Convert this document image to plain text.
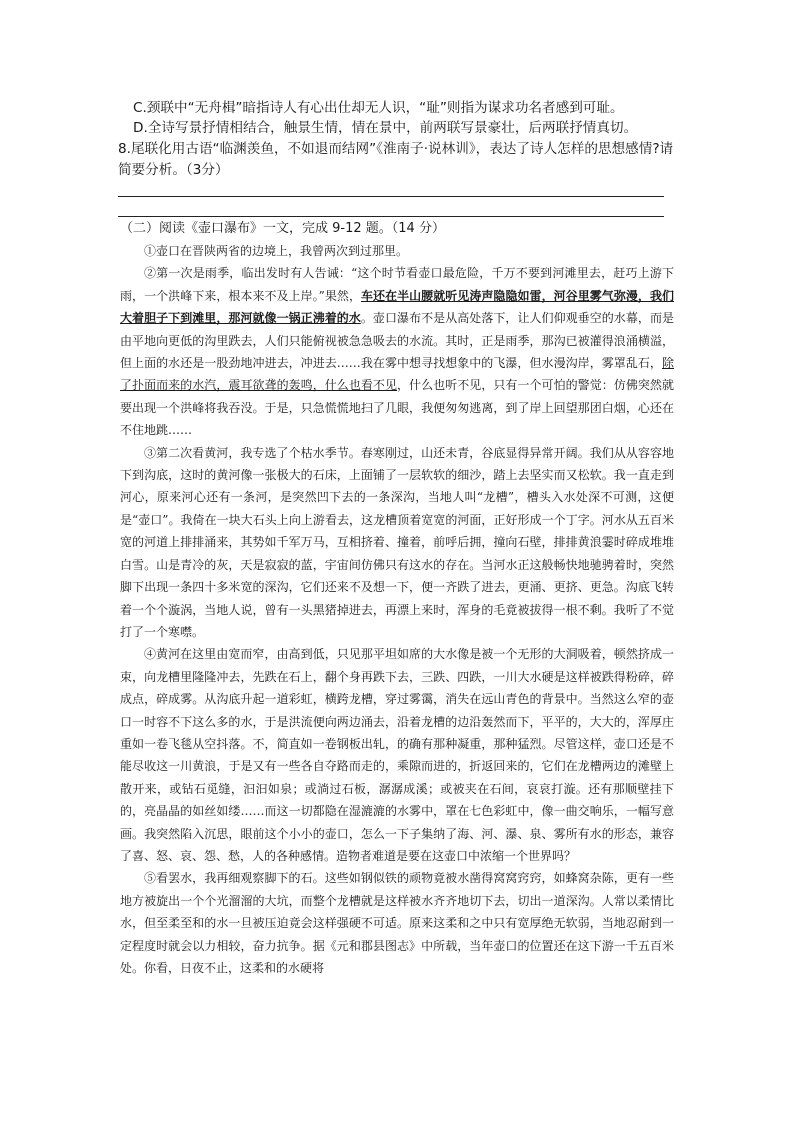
C.颈联中“无舟楫”暗指诗人有心出仕却无人识，“耻”则指为谋求功名者感到可耻。
D.全诗写景抒情相结合，触景生情，情在景中，前两联写景豪壮，后两联抒情真切。
8.尾联化用古语“临渊羡鱼，不如退而结网”《淮南子·说林训》，表达了诗人怎样的思想感情?请简要分析。（3分）
（二）阅读《壶口瀑布》一文，完成 9-12 题。（14 分）

①壶口在晋陕两省的边境上，我曾两次到过那里。

②第一次是雨季，临出发时有人告诫：“这个时节看壶口最危险，千万不要到河滩里去，赶巧上游下雨，一个洪峰下来，根本来不及上岸。”果然，车还在半山腰就听见涛声隐隐如雷，河谷里雾气弥漫，我们大着胆子下到滩里，那河就像一锅正沸着的水。壶口瀑布不是从高处落下，让人们仰观垂空的水幕，而是由平地向更低的沟里跌去，人们只能俯视被急急吸去的水流。其时，正是雨季，那沟已被灌得浪涌横溢，但上面的水还是一股劲地冲进去，冲进去……我在雾中想寻找想象中的飞瀑，但水漫沟岸，雾罩乱石，除了扑面而来的水汽，震耳欲聋的轰鸣，什么也看不见，什么也听不见，只有一个可怕的警觉：仿佛突然就要出现一个洪峰将我吞没。于是，只急慌慌地扫了几眼，我便匆匆逃离，到了岸上回望那团白烟，心还在不住地跳……

③第二次看黄河，我专选了个枯水季节。春寒刚过，山还未青，谷底显得异常开阔。我们从从容容地下到沟底，这时的黄河像一张极大的石床，上面铺了一层软软的细沙，踏上去坚实而又松软。我一直走到河心，原来河心还有一条河，是突然凹下去的一条深沟，当地人叫“龙槽”，槽头入水处深不可测，这便是“壶口”。我倚在一块大石头上向上游看去，这龙槽顶着宽宽的河面，正好形成一个丁字。河水从五百米宽的河道上排排涌来，其势如千军万马，互相挤着、撞着，前呼后拥，撞向石壁，排排黄浪霎时碎成堆堆白雪。山是青冷的灰，天是寂寂的蓝，宇宙间仿佛只有这水的存在。当河水正这般畅快地驰骋着时，突然脚下出现一条四十多米宽的深沟，它们还来不及想一下，便一齐跌了进去，更涌、更挤、更急。沟底飞转着一个个漩涡，当地人说，曾有一头黑猪掉进去，再漂上来时，浑身的毛竟被拔得一根不剩。我听了不觉打了一个寒噤。

④黄河在这里由宽而窄，由高到低，只见那平坦如席的大水像是被一个无形的大洞吸着，顿然挤成一束，向龙槽里隆隆冲去，先跌在石上，翻个身再跌下去，三跌、四跌，一川大水硬是这样被跌得粉碎，碎成点，碎成雾。从沟底升起一道彩虹，横跨龙槽，穿过雾霭，消失在远山青色的背景中。当然这么窄的壶口一时容不下这么多的水，于是洪流便向两边涌去，沿着龙槽的边沿轰然而下，平平的，大大的，浑厚庄重如一卷飞毯从空抖落。不，简直如一卷钢板出轧，的确有那种凝重，那种猛烈。尽管这样，壶口还是不能尽收这一川黄浪，于是又有一些各自夺路而走的，乘隙而进的，折返回来的，它们在龙槽两边的滩壁上散开来，或钻石觅缝，汩汩如泉；或淌过石板，潺潺成溪；或被夹在石间，哀哀打漩。还有那顺壁挂下的，亮晶晶的如丝如缕……而这一切都隐在湿漉漉的水雾中，罩在七色彩虹中，像一曲交响乐，一幅写意画。我突然陷入沉思，眼前这个小小的壶口，怎么一下子集纳了海、河、瀑、泉、雾所有水的形态，兼容了喜、怒、哀、怨、愁，人的各种感情。造物者难道是要在这壶口中浓缩一个世界吗？

⑤看罢水，我再细观察脚下的石。这些如钢似铁的顽物竟被水凿得窝窝窍窍，如蜂窝杂陈，更有一些地方被旋出一个个光溜溜的大坑，而整个龙槽就是这样被水齐齐地切下去，切出一道深沟。人常以柔情比水，但至柔至和的水一旦被压迫竟会这样强硬不可适。原来这柔和之中只有宽厚绝无软弱，当地忍耐到一定程度时就会以力相较，奋力抗争。据《元和郡县图志》中所载，当年壶口的位置还在这下游一千五百米处。你看，日夜不止，这柔和的水硬将
